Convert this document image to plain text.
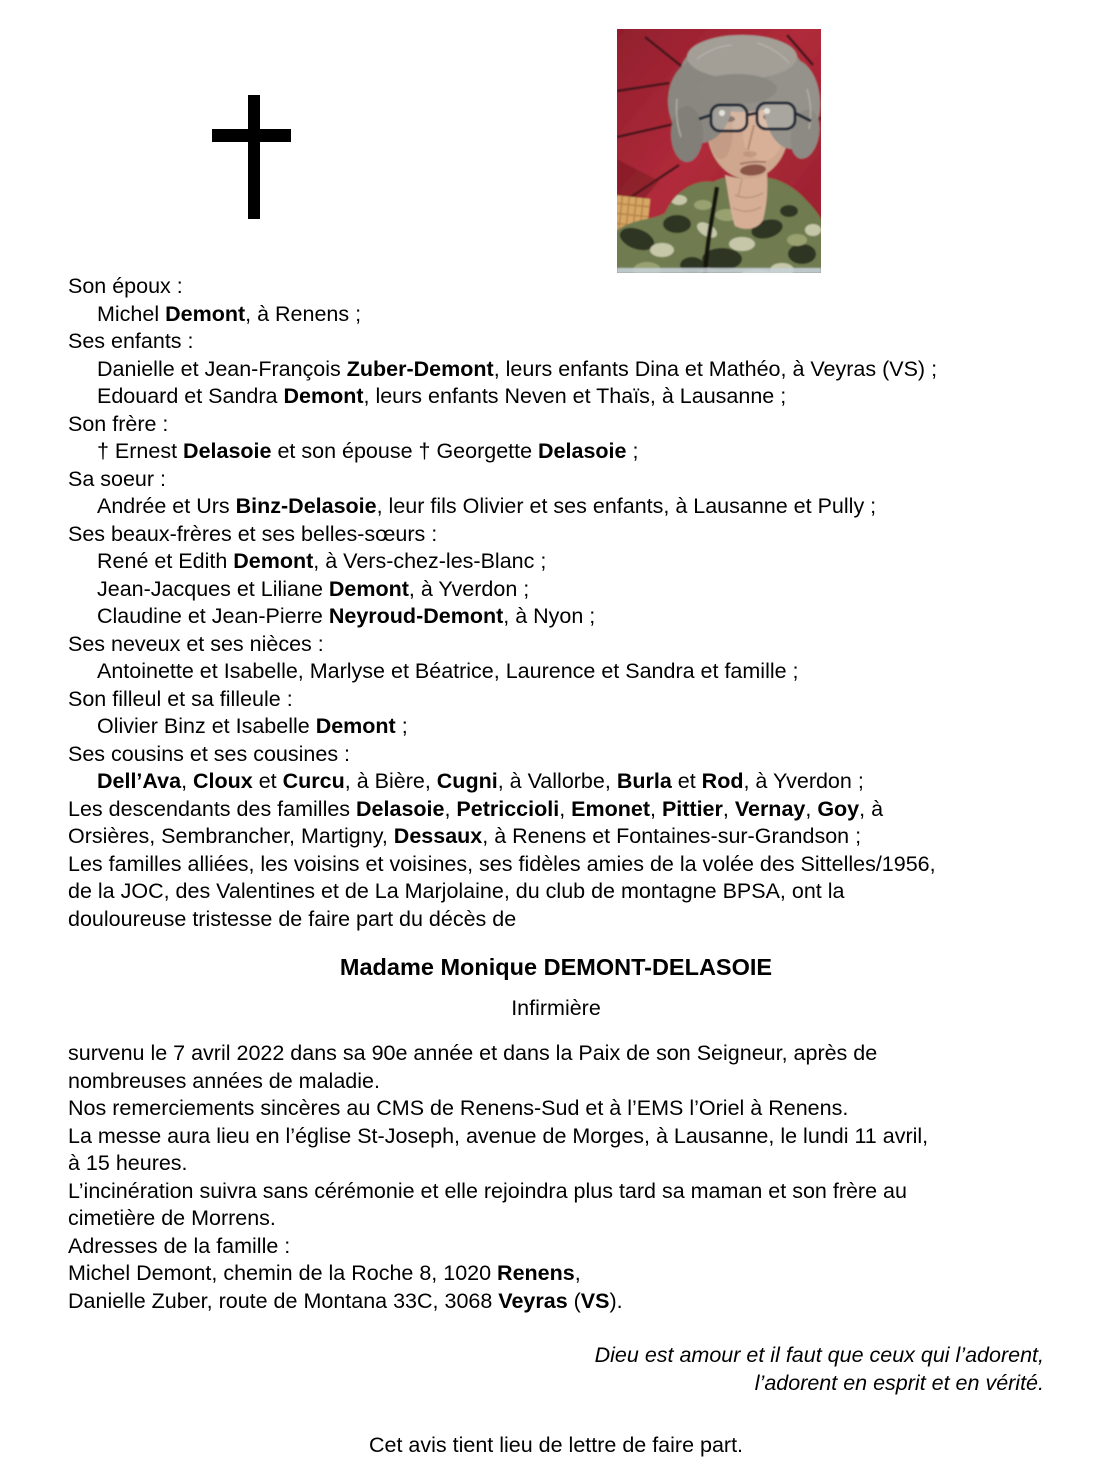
Son époux :
Michel Demont, à Renens ;
Ses enfants :
Danielle et Jean-François Zuber-Demont, leurs enfants Dina et Mathéo, à Veyras (VS) ;
Edouard et Sandra Demont, leurs enfants Neven et Thaïs, à Lausanne ;
Son frère :
† Ernest Delasoie et son épouse † Georgette Delasoie ;
Sa soeur :
Andrée et Urs Binz-Delasoie, leur fils Olivier et ses enfants, à Lausanne et Pully ;
Ses beaux-frères et ses belles-sœurs :
René et Edith Demont, à Vers-chez-les-Blanc ;
Jean-Jacques et Liliane Demont, à Yverdon ;
Claudine et Jean-Pierre Neyroud-Demont, à Nyon ;
Ses neveux et ses nièces :
Antoinette et Isabelle, Marlyse et Béatrice, Laurence et Sandra et famille ;
Son filleul et sa filleule :
Olivier Binz et Isabelle Demont ;
Ses cousins et ses cousines :
Dell’Ava, Cloux et Curcu, à Bière, Cugni, à Vallorbe, Burla et Rod, à Yverdon ;
Les descendants des familles Delasoie, Petriccioli, Emonet, Pittier, Vernay, Goy, à
Orsières, Sembrancher, Martigny, Dessaux, à Renens et Fontaines-sur-Grandson ;
Les familles alliées, les voisins et voisines, ses fidèles amies de la volée des Sittelles/1956,
de la JOC, des Valentines et de La Marjolaine, du club de montagne BPSA, ont la
douloureuse tristesse de faire part du décès de
Madame Monique DEMONT-DELASOIE
Infirmière
survenu le 7 avril 2022 dans sa 90e année et dans la Paix de son Seigneur, après de
nombreuses années de maladie.
Nos remerciements sincères au CMS de Renens-Sud et à l’EMS l’Oriel à Renens.
La messe aura lieu en l’église St-Joseph, avenue de Morges, à Lausanne, le lundi 11 avril,
à 15 heures.
L’incinération suivra sans cérémonie et elle rejoindra plus tard sa maman et son frère au
cimetière de Morrens.
Adresses de la famille :
Michel Demont, chemin de la Roche 8, 1020 Renens,
Danielle Zuber, route de Montana 33C, 3068 Veyras (VS).
Dieu est amour et il faut que ceux qui l’adorent,
l’adorent en esprit et en vérité.
Cet avis tient lieu de lettre de faire part.
